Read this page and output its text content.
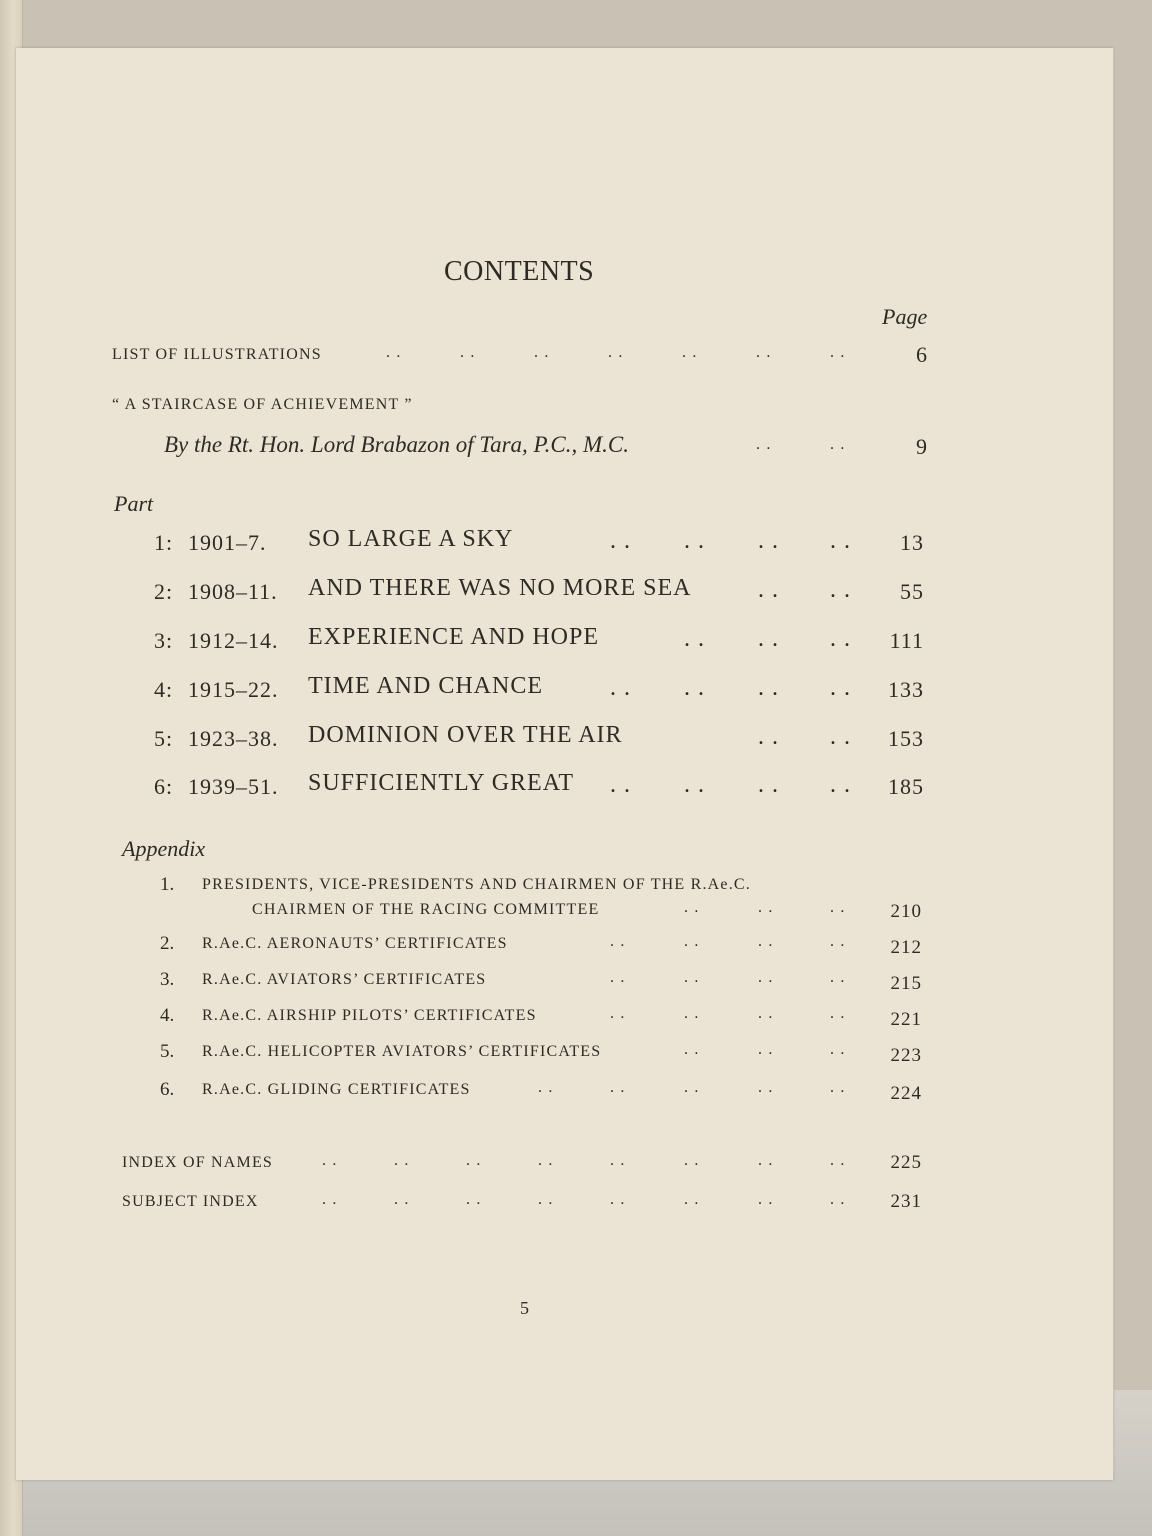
CONTENTS
Page
LIST OF ILLUSTRATIONS	. .	. .	. .	. .	. .	. .	. .	6
“ A STAIRCASE OF ACHIEVEMENT ”
By the Rt. Hon. Lord Brabazon of Tara, P.C., M.C.	. .	. .	9
Part
1: 1901–7. SO LARGE A SKY	. . . . . . . .	13
2: 1908–11. AND THERE WAS NO MORE SEA	. . . .	55
3: 1912–14. EXPERIENCE AND HOPE	. . . . . .	111
4: 1915–22. TIME AND CHANCE	. . . . . . . .	133
5: 1923–38. DOMINION OVER THE AIR	. . . .	153
6: 1939–51. SUFFICIENTLY GREAT . . . . . . . .	185
Appendix
1. PRESIDENTS, VICE-PRESIDENTS AND CHAIRMEN OF THE R.Ae.C.
CHAIRMEN OF THE RACING COMMITTEE	. .	. .	. .	210
2. R.Ae.C. AERONAUTS’ CERTIFICATES	. .	. .	. .	. .	212
3. R.Ae.C. AVIATORS’ CERTIFICATES	. .	. .	. .	. .	215
4. R.Ae.C. AIRSHIP PILOTS’ CERTIFICATES	. .	. .	. .	. .	221
5. R.Ae.C. HELICOPTER AVIATORS’ CERTIFICATES	. .	. .	. .	223
6. R.Ae.C. GLIDING CERTIFICATES	. .	. .	. .	. .	. .	224
INDEX OF NAMES	. .	. .	. .	. .	. .	. .	. .	. .	225
SUBJECT INDEX	. .	. .	. .	. .	. .	. .	. .	. .	231
5
